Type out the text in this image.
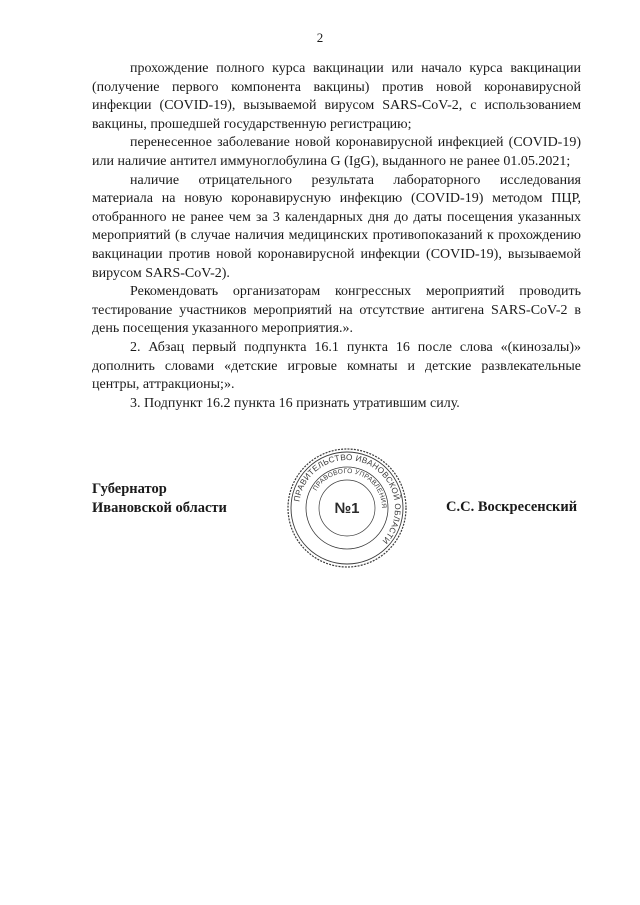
2

прохождение полного курса вакцинации или начало курса вакцинации (получение первого компонента вакцины) против новой коронавирусной инфекции (COVID-19), вызываемой вирусом SARS-CoV-2, с использованием вакцины, прошедшей государственную регистрацию;

перенесенное заболевание новой коронавирусной инфекцией (COVID-19) или наличие антител иммуноглобулина G (IgG), выданного не ранее 01.05.2021;

наличие отрицательного результата лабораторного исследования материала на новую коронавирусную инфекцию (COVID-19) методом ПЦР, отобранного не ранее чем за 3 календарных дня до даты посещения указанных мероприятий (в случае наличия медицинских противопоказаний к прохождению вакцинации против новой коронавирусной инфекции (COVID-19), вызываемой вирусом SARS-CoV-2).

Рекомендовать организаторам конгрессных мероприятий проводить тестирование участников мероприятий на отсутствие антигена SARS-CoV-2 в день посещения указанного мероприятия.».

2. Абзац первый подпункта 16.1 пункта 16 после слова «(кинозалы)» дополнить словами «детские игровые комнаты и детские развлекательные центры, аттракционы;».

3. Подпункт 16.2 пункта 16 признать утратившим силу.

Губернатор
Ивановской области
ПРАВИТЕЛЬСТВО ИВАНОВСКОЙ ОБЛАСТИ
ПРАВОВОГО УПРАВЛЕНИЯ
№1	С.С. Воскресенский
